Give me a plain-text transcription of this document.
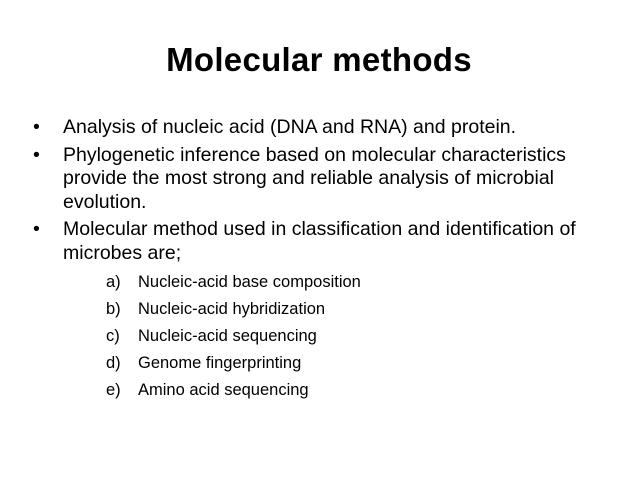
Molecular methods
•	Analysis of nucleic acid (DNA and RNA) and protein.
•	Phylogenetic inference based on molecular characteristics provide the most strong and reliable analysis of microbial evolution.
•	Molecular method used in classification and identification of microbes are;
a) Nucleic-acid base composition
b) Nucleic-acid hybridization
c) Nucleic-acid sequencing
d) Genome fingerprinting
e) Amino acid sequencing
